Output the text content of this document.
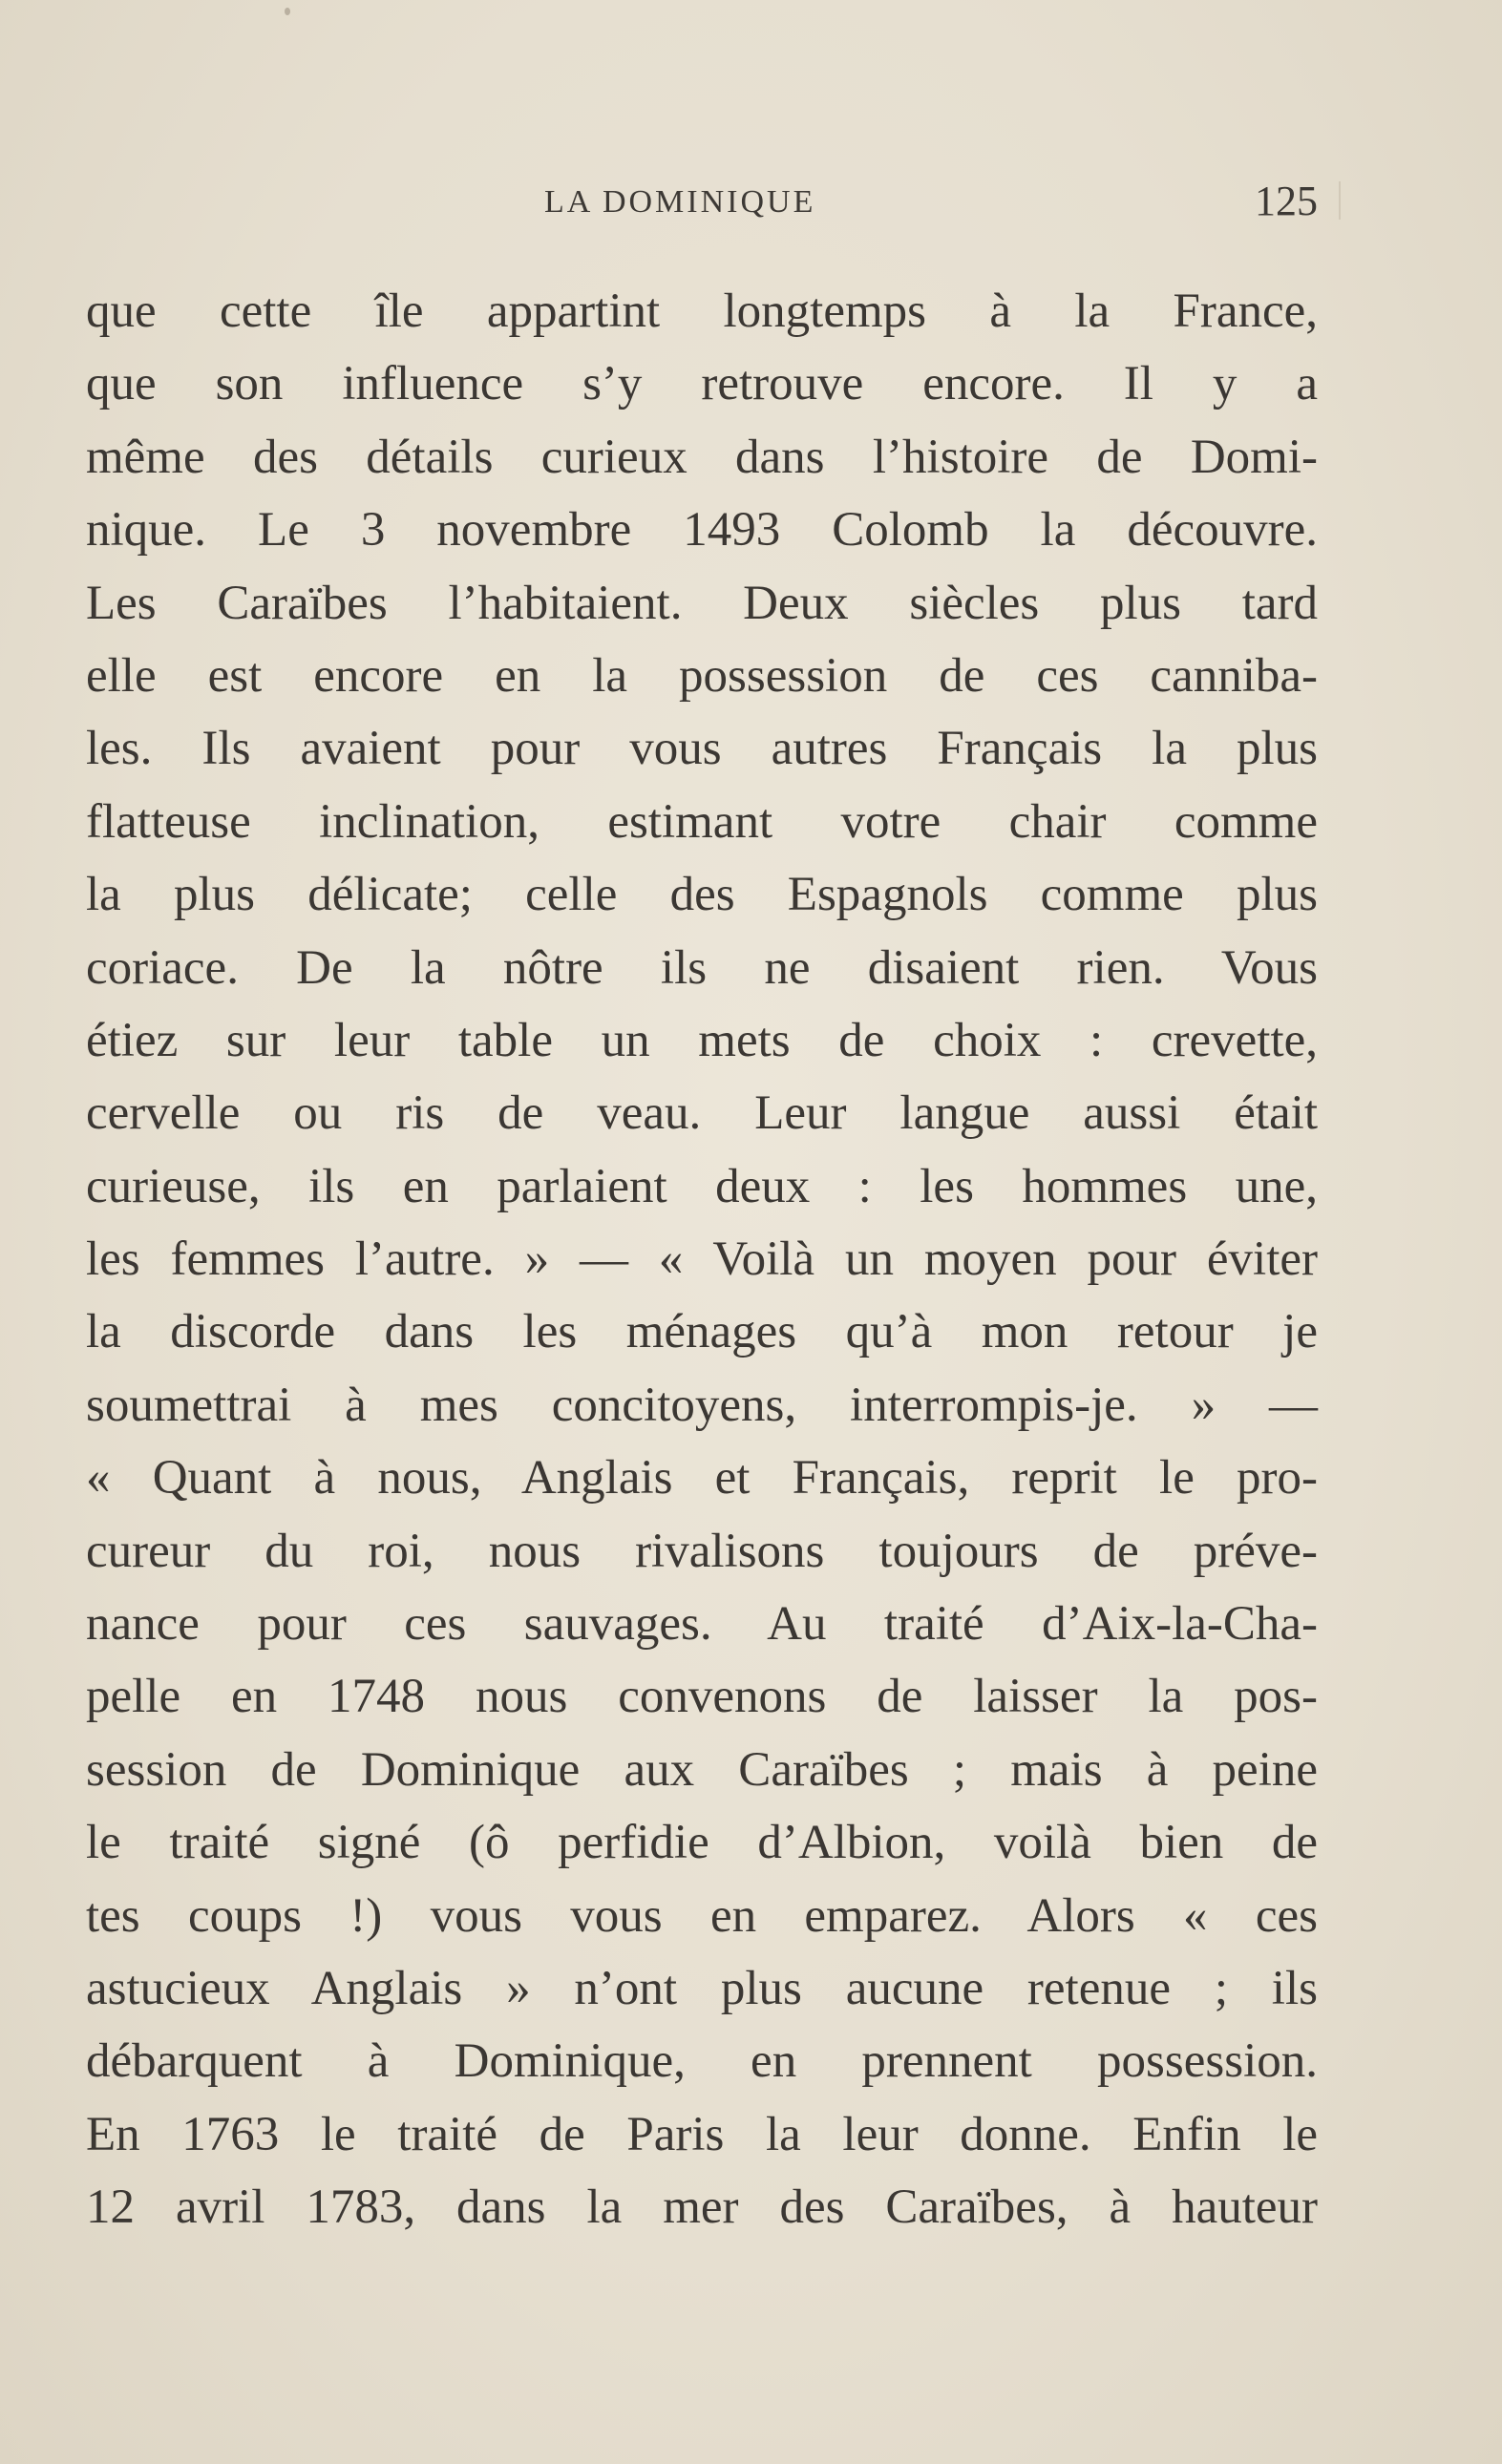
LA DOMINIQUE	125
que cette île appartint longtemps à la France,
que son influence s’y retrouve encore. Il y a
même des détails curieux dans l’histoire de Domi-
nique. Le 3 novembre 1493 Colomb la découvre.
Les Caraïbes l’habitaient. Deux siècles plus tard
elle est encore en la possession de ces canniba-
les. Ils avaient pour vous autres Français la plus
flatteuse inclination, estimant votre chair comme
la plus délicate; celle des Espagnols comme plus
coriace. De la nôtre ils ne disaient rien. Vous
étiez sur leur table un mets de choix : crevette,
cervelle ou ris de veau. Leur langue aussi était
curieuse, ils en parlaient deux : les hommes une,
les femmes l’autre. » — « Voilà un moyen pour éviter
la discorde dans les ménages qu’à mon retour je
soumettrai à mes concitoyens, interrompis-je. » —
« Quant à nous, Anglais et Français, reprit le pro-
cureur du roi, nous rivalisons toujours de préve-
nance pour ces sauvages. Au traité d’Aix-la-Cha-
pelle en 1748 nous convenons de laisser la pos-
session de Dominique aux Caraïbes ; mais à peine
le traité signé (ô perfidie d’Albion, voilà bien de
tes coups !) vous vous en emparez. Alors « ces
astucieux Anglais » n’ont plus aucune retenue ; ils
débarquent à Dominique, en prennent possession.
En 1763 le traité de Paris la leur donne. Enfin le
12 avril 1783, dans la mer des Caraïbes, à hauteur
